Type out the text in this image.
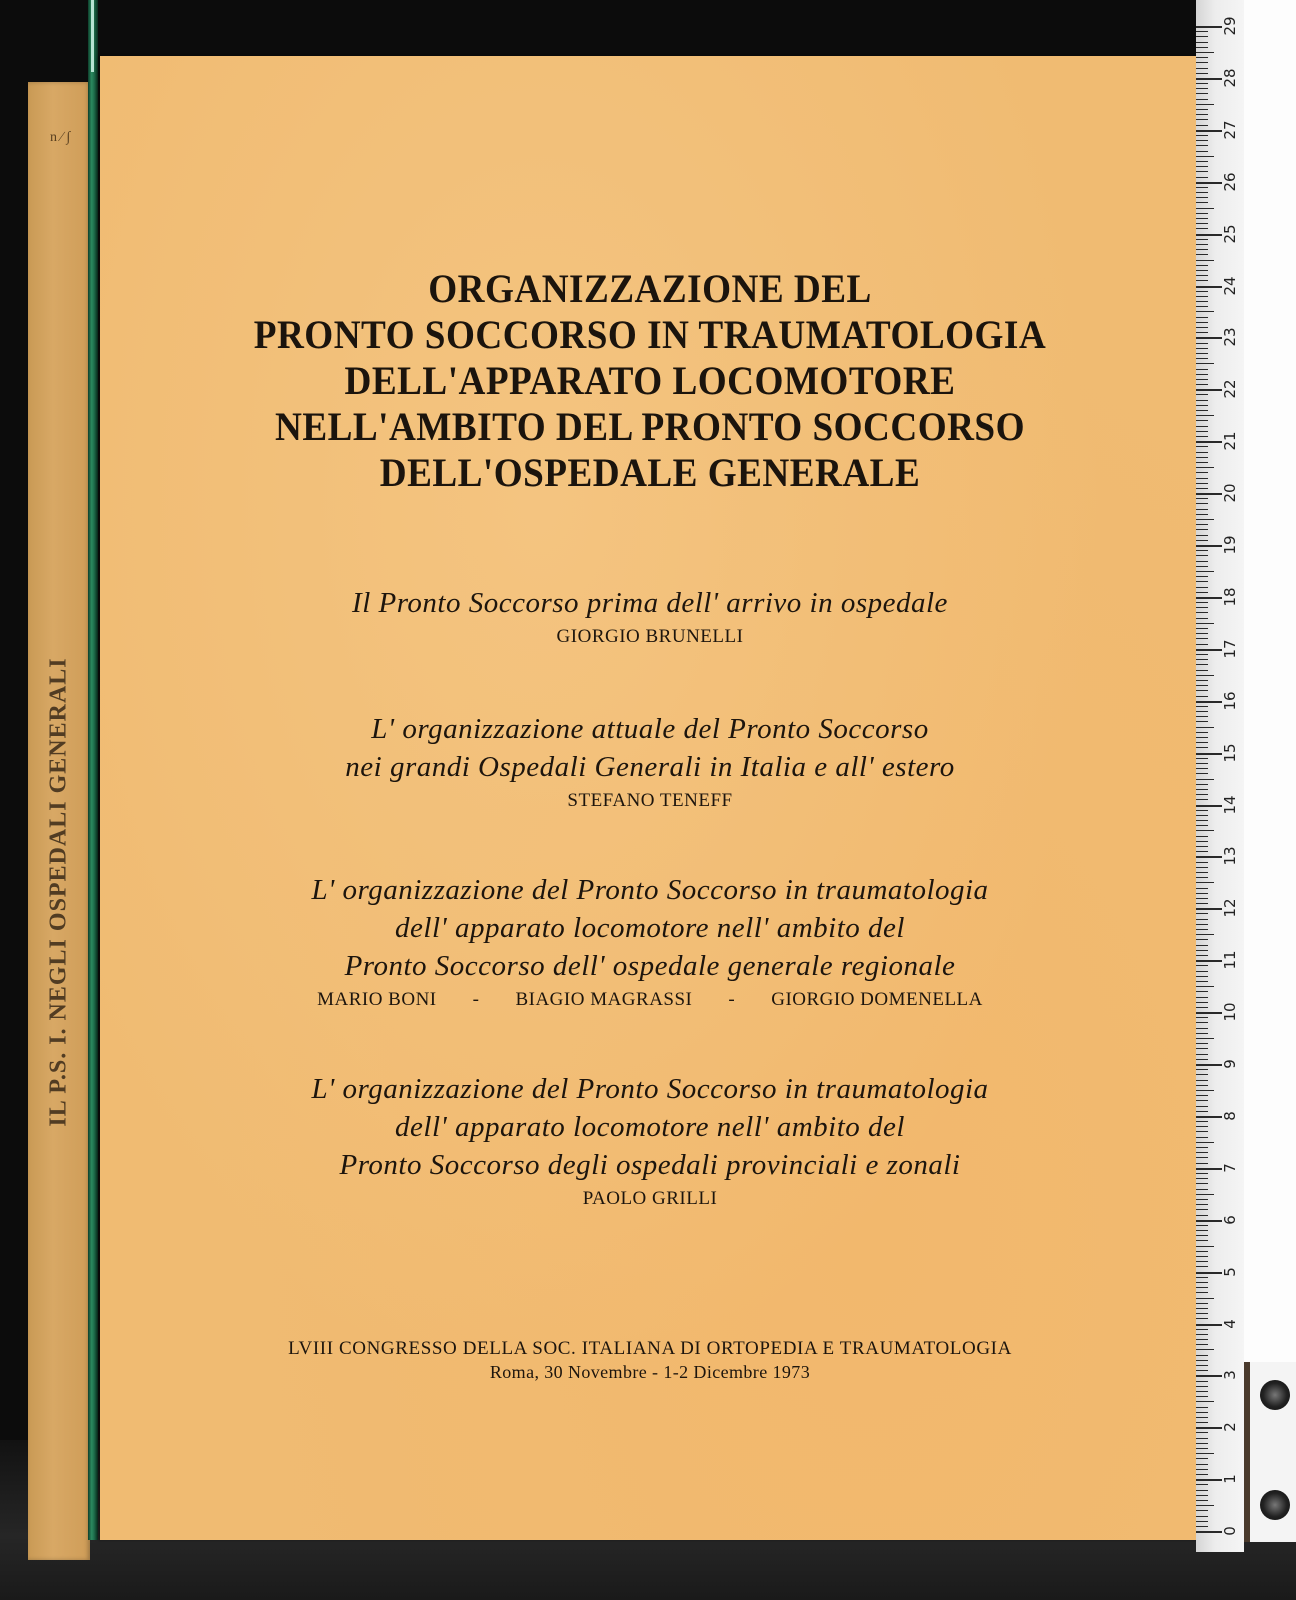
n ∕ ∫
IL P.S. I. NEGLI OSPEDALI GENERALI
ORGANIZZAZIONE DEL
PRONTO SOCCORSO IN TRAUMATOLOGIA
DELL'APPARATO LOCOMOTORE
NELL'AMBITO DEL PRONTO SOCCORSO
DELL'OSPEDALE GENERALE
Il Pronto Soccorso prima dell' arrivo in ospedale
GIORGIO BRUNELLI
L' organizzazione attuale del Pronto Soccorso
nei grandi Ospedali Generali in Italia e all' estero
STEFANO TENEFF
L' organizzazione del Pronto Soccorso in traumatologia
dell' apparato locomotore nell' ambito del
Pronto Soccorso dell' ospedale generale regionale
MARIO BONI - BIAGIO MAGRASSI - GIORGIO DOMENELLA
L' organizzazione del Pronto Soccorso in traumatologia
dell' apparato locomotore nell' ambito del
Pronto Soccorso degli ospedali provinciali e zonali
PAOLO GRILLI
LVIII CONGRESSO DELLA SOC. ITALIANA DI ORTOPEDIA E TRAUMATOLOGIA
Roma, 30 Novembre - 1-2 Dicembre 1973
29
28
27
26
25
24
23
22
21
20
19
18
17
16
15
14
13
12
11
10
9
8
7
6
5
4
3
2
1
0
